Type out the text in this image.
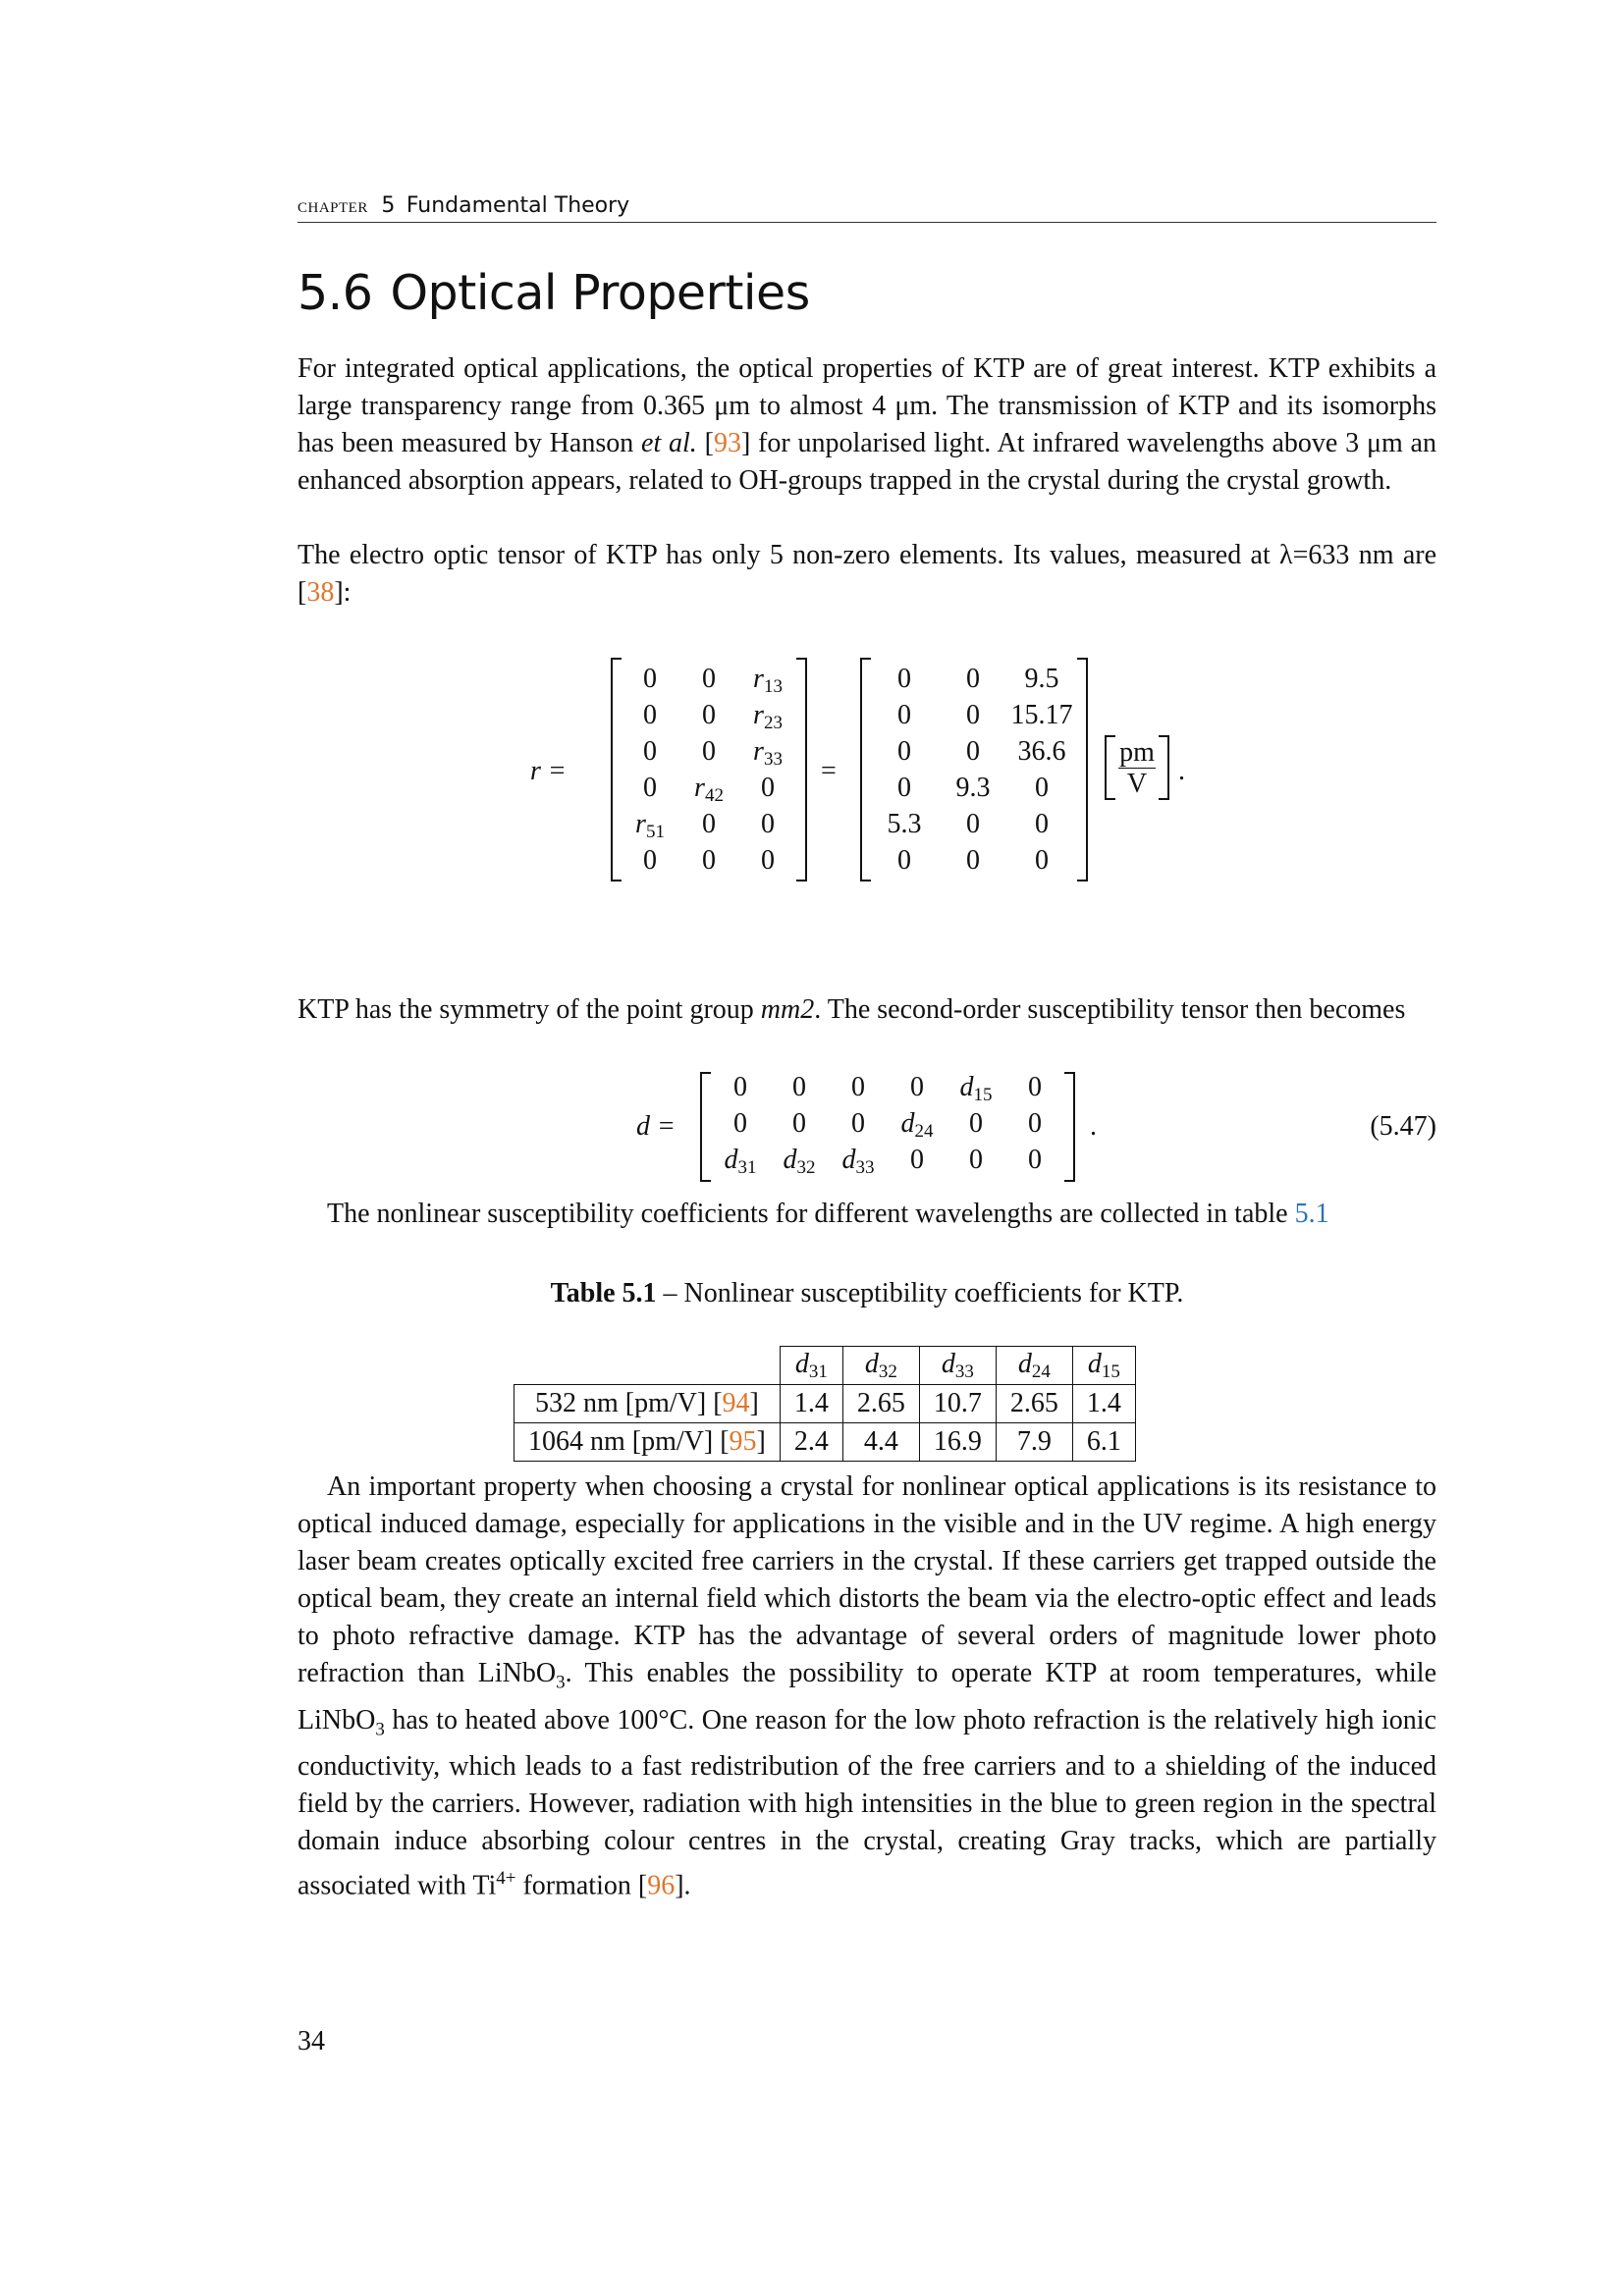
chapter 5 Fundamental Theory
5.6 Optical Properties
For integrated optical applications, the optical properties of KTP are of great interest. KTP exhibits a large transparency range from 0.365 μm to almost 4 μm. The transmission of KTP and its isomorphs has been measured by Hanson et al. [93] for unpolarised light. At infrared wavelengths above 3 μm an enhanced absorption appears, related to OH-groups trapped in the crystal during the crystal growth.
The electro optic tensor of KTP has only 5 non-zero elements. Its values, measured at λ=633 nm are [38]:
r =
0	0	$r_{13}$
0	0	$r_{23}$
0	0	$r_{33}$
0	$r_{42}$	0
$r_{51}$	0	0
0	0	0
=
0	0	9.5
0	0	15.17
0	0	36.6
0	9.3	0
5.3	0	0
0	0	0
pm
V	.
KTP has the symmetry of the point group mm2. The second-order susceptibility tensor then becomes
d =
0	0	0	0	$d_{15}$	0
0	0	0	$d_{24}$	0	0
$d_{31}$ $d_{32}$ $d_{33}$	0	0	0
.	(5.47)
The nonlinear susceptibility coefficients for different wavelengths are collected in table 5.1
Table 5.1 – Nonlinear susceptibility coefficients for KTP.
	$d_{31}$	$d_{32}$	$d_{33}$	$d_{24}$	$d_{15}$
532 nm [pm/V] [94]	1.4	2.65	10.7	2.65	1.4
1064 nm [pm/V] [95]	2.4	4.4	16.9	7.9	6.1
An important property when choosing a crystal for nonlinear optical applications is its resistance to optical induced damage, especially for applications in the visible and in the UV regime. A high energy laser beam creates optically excited free carriers in the crystal. If these carriers get trapped outside the optical beam, they create an internal field which distorts the beam via the electro-optic effect and leads to photo refractive damage. KTP has the advantage of several orders of magnitude lower photo refraction than LiNbO$_3$. This enables the possibility to operate KTP at room temperatures, while LiNbO$_3$ has to heated above 100°C. One reason for the low photo refraction is the relatively high ionic conductivity, which leads to a fast redistribution of the free carriers and to a shielding of the induced field by the carriers. However, radiation with high intensities in the blue to green region in the spectral domain induce absorbing colour centres in the crystal, creating Gray tracks, which are partially associated with $Ti^{4+}$ formation [96].
34
